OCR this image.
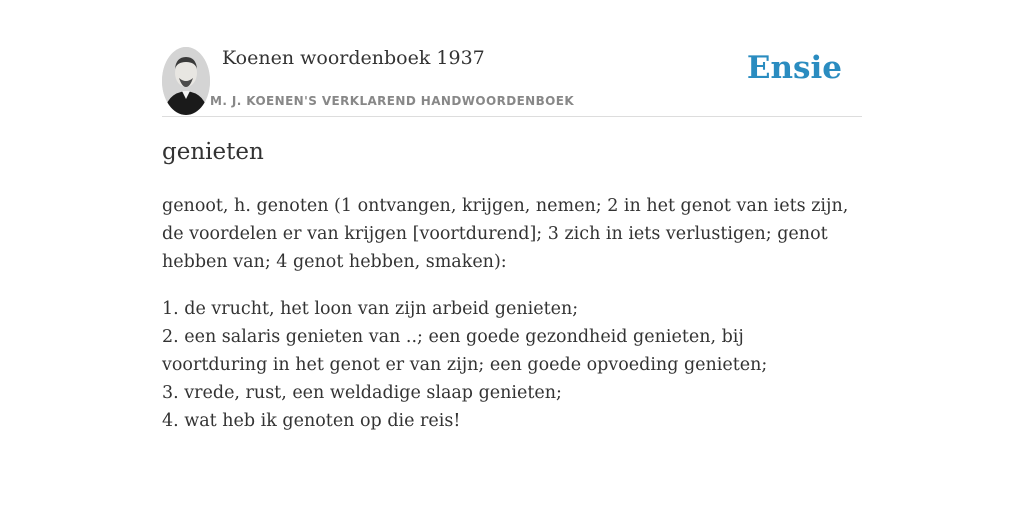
Koenen woordenboek 1937
M. J. KOENEN'S VERKLAREND HANDWOORDENBOEK
Ensie
genieten

genoot, h. genoten (1 ontvangen, krijgen, nemen; 2 in het genot van iets zijn, de voordelen er van krijgen [voortdurend]; 3 zich in iets verlustigen; genot hebben van; 4 genot hebben, smaken):

1. de vrucht, het loon van zijn arbeid genieten;
2. een salaris genieten van ..; een goede gezondheid genieten, bij voortduring in het genot er van zijn; een goede opvoeding genieten;
3. vrede, rust, een weldadige slaap genieten;
4. wat heb ik genoten op die reis!
